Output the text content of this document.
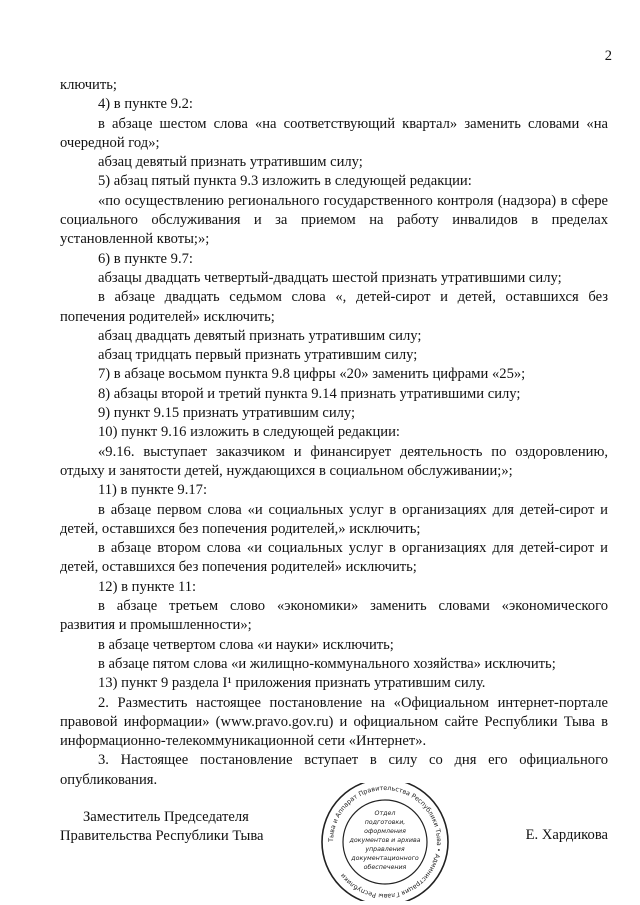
2

ключить;

4) в пункте 9.2:

в абзаце шестом слова «на соответствующий квартал» заменить словами «на очередной год»;

абзац девятый признать утратившим силу;

5) абзац пятый пункта 9.3 изложить в следующей редакции:

«по осуществлению регионального государственного контроля (надзора) в сфере социального обслуживания и за приемом на работу инвалидов в пределах установленной квоты;»;

6) в пункте 9.7:

абзацы двадцать четвертый-двадцать шестой признать утратившими силу;

в абзаце двадцать седьмом слова «, детей-сирот и детей, оставшихся без попечения родителей» исключить;

абзац двадцать девятый признать утратившим силу;

абзац тридцать первый признать утратившим силу;

7) в абзаце восьмом пункта 9.8 цифры «20» заменить цифрами «25»;

8) абзацы второй и третий пункта 9.14 признать утратившими силу;

9) пункт 9.15 признать утратившим силу;

10) пункт 9.16 изложить в следующей редакции:

«9.16. выступает заказчиком и финансирует деятельность по оздоровлению, отдыху и занятости детей, нуждающихся в социальном обслуживании;»;

11) в пункте 9.17:

в абзаце первом слова «и социальных услуг в организациях для детей-сирот и детей, оставшихся без попечения родителей,» исключить;

в абзаце втором слова «и социальных услуг в организациях для детей-сирот и детей, оставшихся без попечения родителей» исключить;

12) в пункте 11:

в абзаце третьем слово «экономики» заменить словами «экономического развития и промышленности»;

в абзаце четвертом слова «и науки» исключить;

в абзаце пятом слова «и жилищно-коммунального хозяйства» исключить;

13) пункт 9 раздела I¹ приложения признать утратившим силу.

2. Разместить настоящее постановление на «Официальном интернет-портале правовой информации» (www.pravo.gov.ru) и официальном сайте Республики Тыва в информационно-телекоммуникационной сети «Интернет».

3. Настоящее постановление вступает в силу со дня его официального опубликования.

Заместитель Председателя
Правительства Республики Тыва	Тыва и Аппарат Правительства Республики Тыва • Администрация Главы Республики
Отдел
подготовки,
оформления
документов и архива
управления
документационного
обеспечения
Е. Хардикова
